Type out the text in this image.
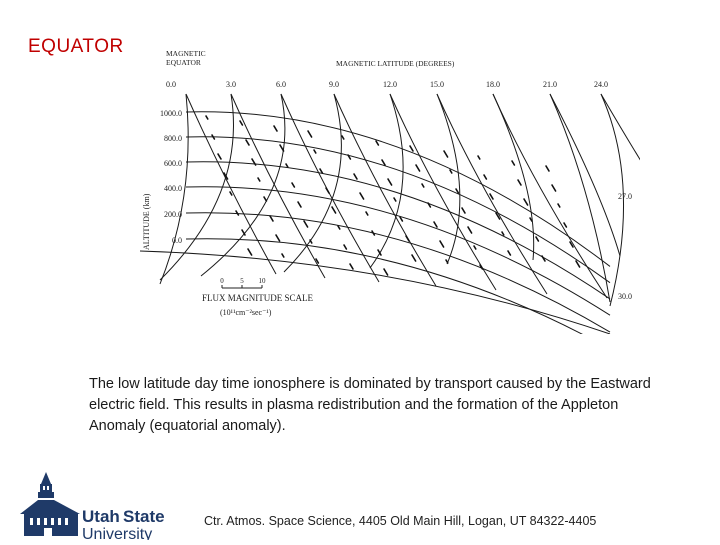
EQUATOR	MAGNETIC
EQUATOR	MAGNETIC LATITUDE (DEGREES)
0.0	3.0	6.0	9.0	12.0	15.0	18.0	21.0	24.0
ALTITUDE (km)
1000.0
800.0
600.0
400.0
200.0
0.0
27.0
30.0
0 5 10
FLUX MAGNITUDE SCALE
(10¹¹cm⁻²sec⁻¹)
The low latitude day time ionosphere is dominated by transport caused by the Eastward electric field. This results in plasma redistribution and the formation of the Appleton Anomaly (equatorial anomaly).
Utah State
University
Ctr. Atmos. Space Science, 4405 Old Main Hill, Logan, UT 84322-4405
